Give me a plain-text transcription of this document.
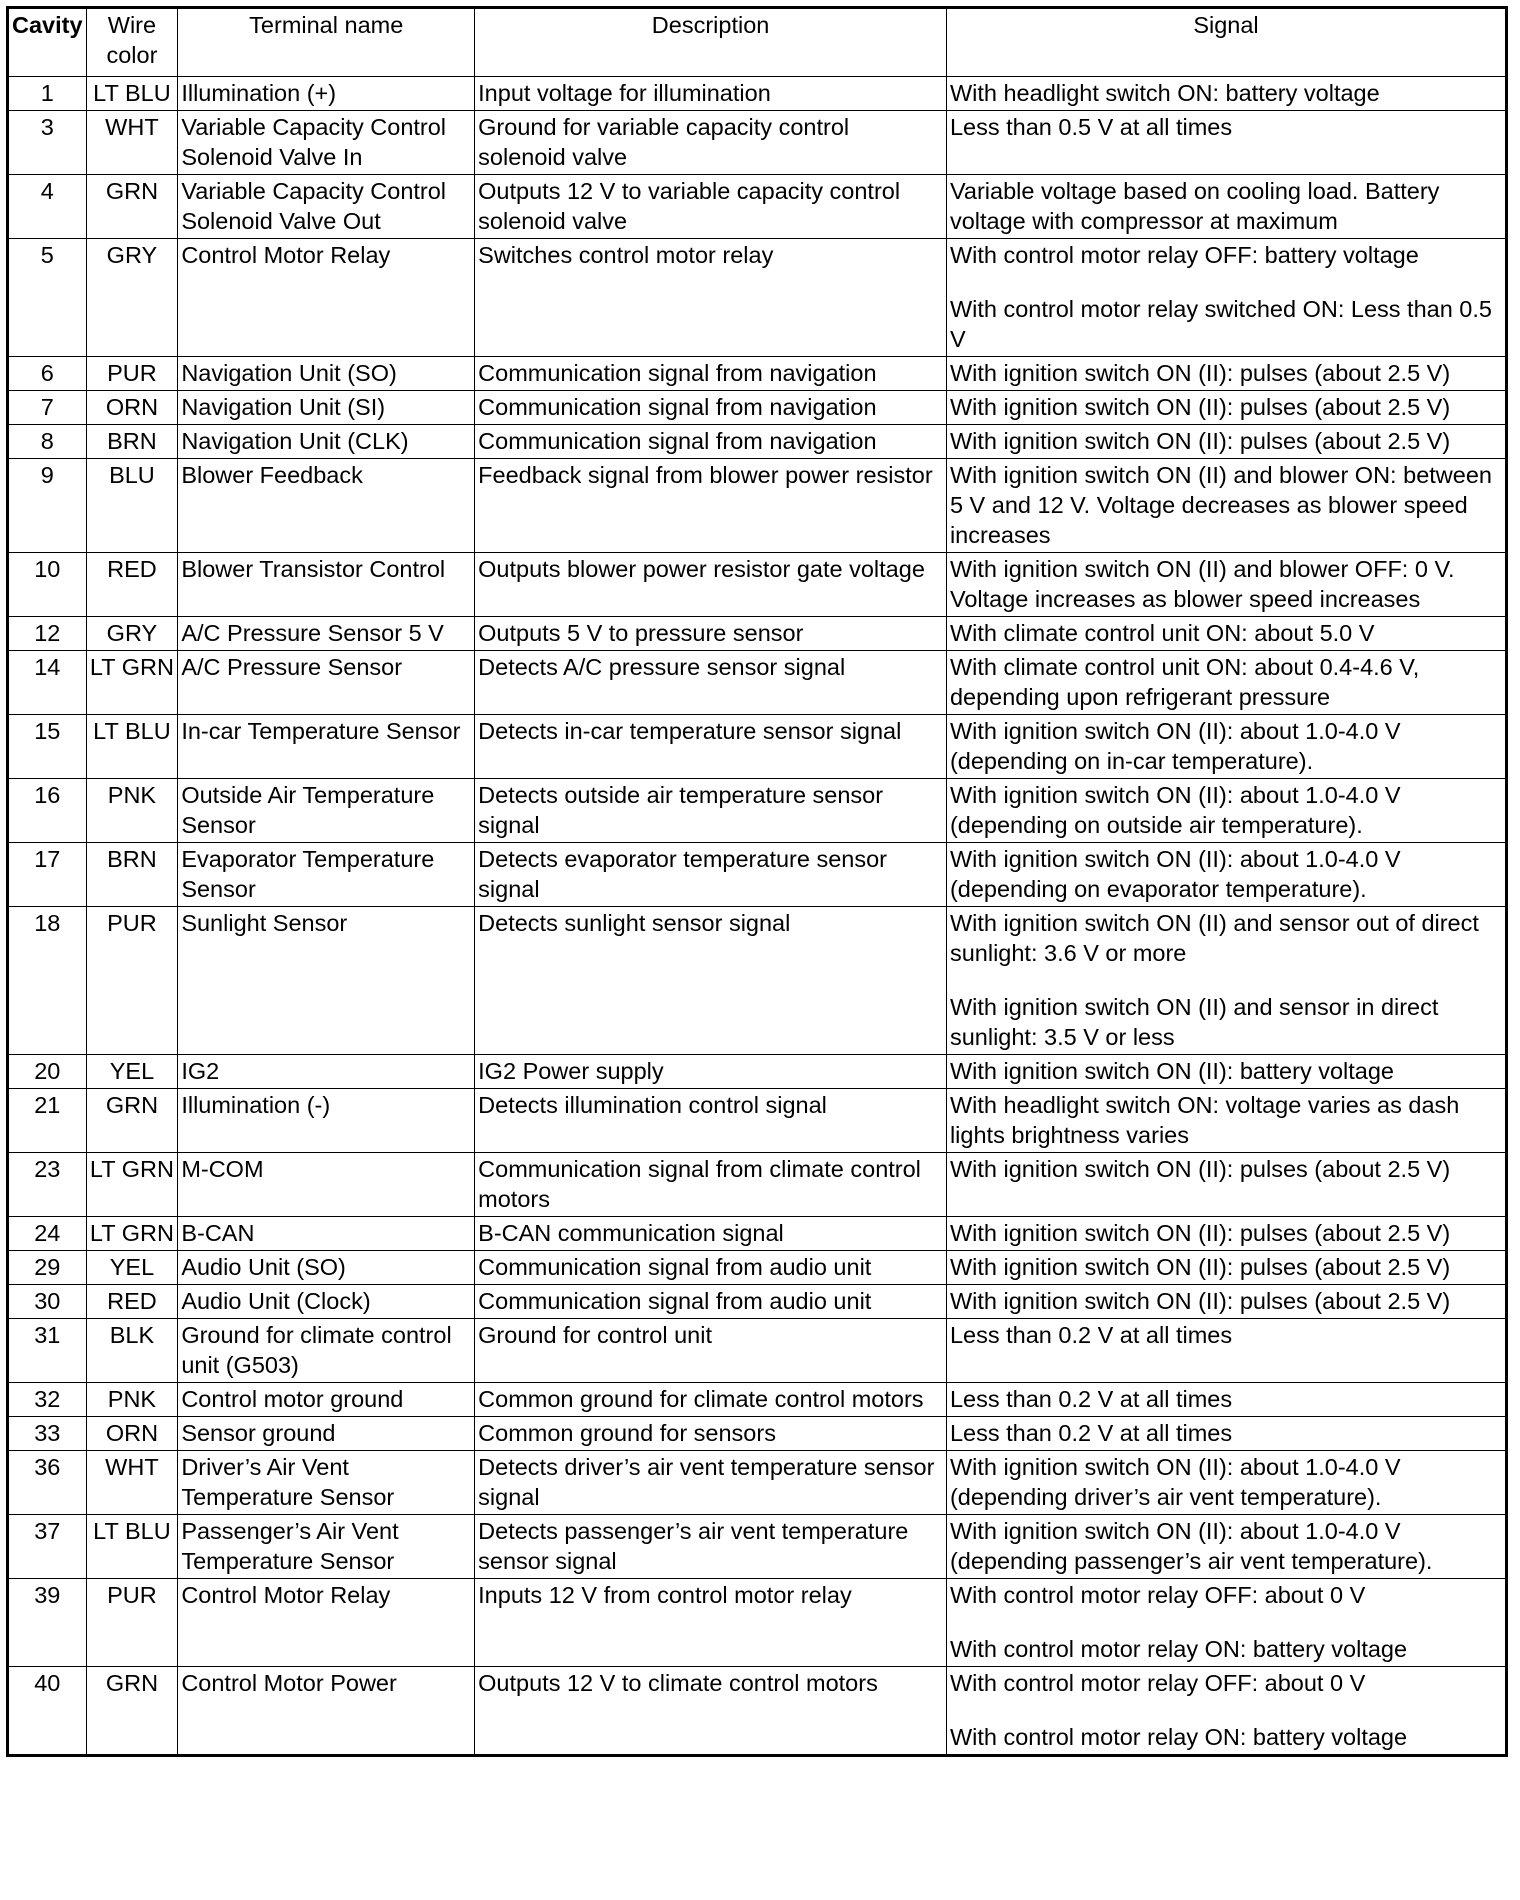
Cavity	Wire color	Terminal name	Description	Signal
1	LT BLU	Illumination (+)	Input voltage for illumination	With headlight switch ON: battery voltage

3	WHT	Variable Capacity Control Solenoid Valve In	Ground for variable capacity control solenoid valve	Less than 0.5 V at all times

4	GRN	Variable Capacity Control Solenoid Valve Out	Outputs 12 V to variable capacity control solenoid valve	Variable voltage based on cooling load. Battery voltage with compressor at maximum

5	GRY	Control Motor Relay	Switches control motor relay	With control motor relay OFF: battery voltage
With control motor relay switched ON: Less than 0.5 V

6	PUR	Navigation Unit (SO)	Communication signal from navigation	With ignition switch ON (II): pulses (about 2.5 V)

7	ORN	Navigation Unit (SI)	Communication signal from navigation	With ignition switch ON (II): pulses (about 2.5 V)

8	BRN	Navigation Unit (CLK)	Communication signal from navigation	With ignition switch ON (II): pulses (about 2.5 V)

9	BLU	Blower Feedback	Feedback signal from blower power resistor	With ignition switch ON (II) and blower ON: between 5 V and 12 V. Voltage decreases as blower speed increases

10	RED	Blower Transistor Control	Outputs blower power resistor gate voltage	With ignition switch ON (II) and blower OFF: 0 V. Voltage increases as blower speed increases

12	GRY	A/C Pressure Sensor 5 V	Outputs 5 V to pressure sensor	With climate control unit ON: about 5.0 V

14	LT GRN	A/C Pressure Sensor	Detects A/C pressure sensor signal	With climate control unit ON: about 0.4-4.6 V, depending upon refrigerant pressure

15	LT BLU	In-car Temperature Sensor	Detects in-car temperature sensor signal	With ignition switch ON (II): about 1.0-4.0 V (depending on in-car temperature).

16	PNK	Outside Air Temperature Sensor	Detects outside air temperature sensor signal	With ignition switch ON (II): about 1.0-4.0 V (depending on outside air temperature).

17	BRN	Evaporator Temperature Sensor	Detects evaporator temperature sensor signal	With ignition switch ON (II): about 1.0-4.0 V (depending on evaporator temperature).

18	PUR	Sunlight Sensor	Detects sunlight sensor signal	With ignition switch ON (II) and sensor out of direct sunlight: 3.6 V or more
With ignition switch ON (II) and sensor in direct sunlight: 3.5 V or less

20	YEL	IG2	IG2 Power supply	With ignition switch ON (II): battery voltage

21	GRN	Illumination (-)	Detects illumination control signal	With headlight switch ON: voltage varies as dash lights brightness varies

23	LT GRN	M-COM	Communication signal from climate control motors	With ignition switch ON (II): pulses (about 2.5 V)

24	LT GRN	B-CAN	B-CAN communication signal	With ignition switch ON (II): pulses (about 2.5 V)

29	YEL	Audio Unit (SO)	Communication signal from audio unit	With ignition switch ON (II): pulses (about 2.5 V)

30	RED	Audio Unit (Clock)	Communication signal from audio unit	With ignition switch ON (II): pulses (about 2.5 V)

31	BLK	Ground for climate control unit (G503)	Ground for control unit	Less than 0.2 V at all times

32	PNK	Control motor ground	Common ground for climate control motors	Less than 0.2 V at all times

33	ORN	Sensor ground	Common ground for sensors	Less than 0.2 V at all times

36	WHT	Driver’s Air Vent Temperature Sensor	Detects driver’s air vent temperature sensor signal	With ignition switch ON (II): about 1.0-4.0 V (depending driver’s air vent temperature).

37	LT BLU	Passenger’s Air Vent Temperature Sensor	Detects passenger’s air vent temperature sensor signal	With ignition switch ON (II): about 1.0-4.0 V (depending passenger’s air vent temperature).

39	PUR	Control Motor Relay	Inputs 12 V from control motor relay	With control motor relay OFF: about 0 V
With control motor relay ON: battery voltage

40	GRN	Control Motor Power	Outputs 12 V to climate control motors	With control motor relay OFF: about 0 V
With control motor relay ON: battery voltage
